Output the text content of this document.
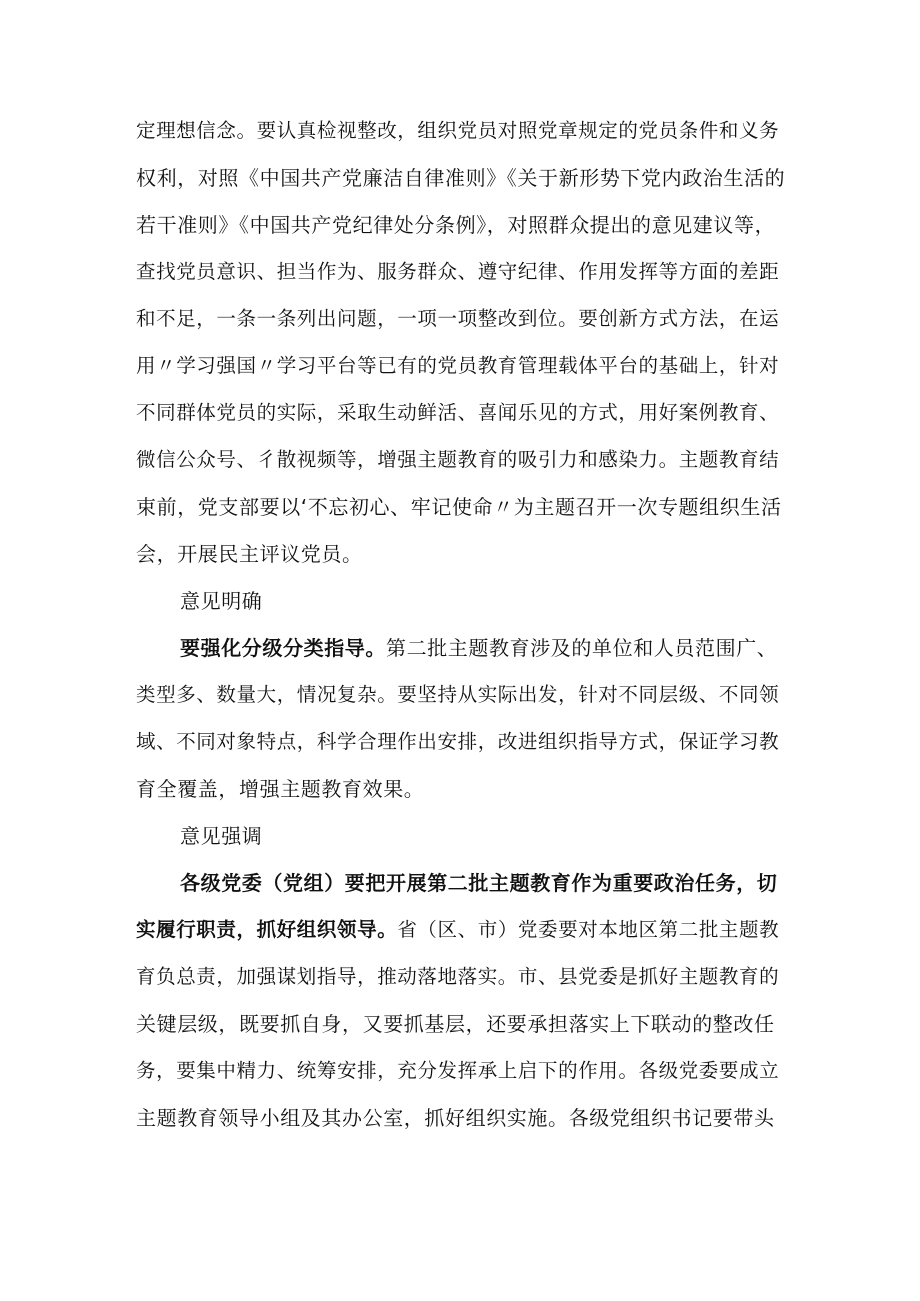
定理想信念。要认真检视整改，组织党员对照党章规定的党员条件和义务
权利，对照《中国共产党廉洁自律准则》《关于新形势下党内政治生活的
若干准则》《中国共产党纪律处分条例》，对照群众提出的意见建议等，
查找党员意识、担当作为、服务群众、遵守纪律、作用发挥等方面的差距
和不足，一条一条列出问题，一项一项整改到位。要创新方式方法，在运
用〃学习强国〃学习平台等已有的党员教育管理载体平台的基础上，针对
不同群体党员的实际，采取生动鲜活、喜闻乐见的方式，用好案例教育、
微信公众号、彳散视频等，增强主题教育的吸引力和感染力。主题教育结
束前，党支部要以‘不忘初心、牢记使命〃为主题召开一次专题组织生活
会，开展民主评议党员。
意见明确
要强化分级分类指导。第二批主题教育涉及的单位和人员范围广、
类型多、数量大，情况复杂。要坚持从实际出发，针对不同层级、不同领
域、不同对象特点，科学合理作出安排，改进组织指导方式，保证学习教
育全覆盖，增强主题教育效果。
意见强调
各级党委（党组）要把开展第二批主题教育作为重要政治任务，切
实履行职责，抓好组织领导。省（区、市）党委要对本地区第二批主题教
育负总责，加强谋划指导，推动落地落实。市、县党委是抓好主题教育的
关键层级，既要抓自身，又要抓基层，还要承担落实上下联动的整改任
务，要集中精力、统筹安排，充分发挥承上启下的作用。各级党委要成立
主题教育领导小组及其办公室，抓好组织实施。各级党组织书记要带头
